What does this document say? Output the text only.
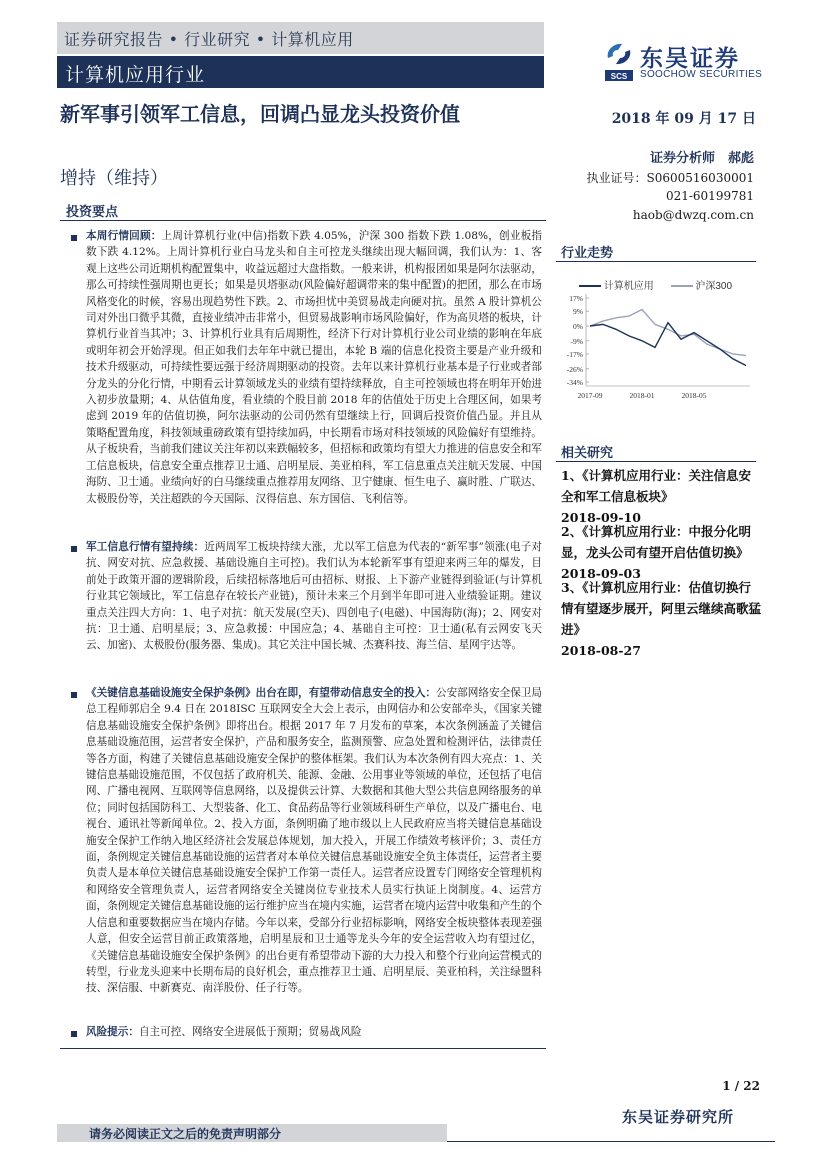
证券研究报告 • 行业研究 • 计算机应用
计算机应用行业	SCS
东吴证券
SOOCHOW SECURITIES
新军事引领军工信息，回调凸显龙头投资价值
增持（维持）
2018 年 09 月 17 日
证券分析师　郝彪
执业证号：S0600516030001
021-60199781
haob@dwzq.com.cn
投资要点
本周行情回顾：上周计算机行业(中信)指数下跌 4.05%，沪深 300 指数下跌 1.08%，创业板指数下跌 4.12%。上周计算机行业白马龙头和自主可控龙头继续出现大幅回调，我们认为：1、客观上这些公司近期机构配置集中，收益远超过大盘指数。一般来讲，机构报团如果是阿尔法驱动，那么可持续性强周期也更长；如果是贝塔驱动(风险偏好超调带来的集中配置)的把团，那么在市场风格变化的时候，容易出现趋势性下跌。2、市场担忧中美贸易战走向硬对抗。虽然 A 股计算机公司对外出口微乎其微，直接业绩冲击非常小，但贸易战影响市场风险偏好，作为高贝塔的板块，计算机行业首当其冲；3、计算机行业具有后周期性，经济下行对计算机行业公司业绩的影响在年底或明年初会开始浮现。但正如我们去年年中就已提出，本轮 B 端的信息化投资主要是产业升级和技术升级驱动，可持续性要远强于经济周期驱动的投资。去年以来计算机行业基本是子行业或者部分龙头的分化行情，中期看云计算领域龙头的业绩有望持续释放，自主可控领域也将在明年开始进入初步放量期；4、从估值角度，看业绩的个股目前 2018 年的估值处于历史上合理区间，如果考虑到 2019 年的估值切换，阿尔法驱动的公司仍然有望继续上行，回调后投资价值凸显。并且从策略配置角度，科技领域重磅政策有望持续加码，中长期看市场对科技领域的风险偏好有望维持。从子板块看，当前我们建议关注年初以来跌幅较多，但招标和政策均有望大力推进的信息安全和军工信息板块，信息安全重点推荐卫士通、启明星辰、美亚柏科，军工信息重点关注航天发展、中国海防、卫士通。业绩向好的白马继续重点推荐用友网络、卫宁健康、恒生电子、赢时胜、广联达、太极股份等，关注超跌的今天国际、汉得信息、东方国信、飞利信等。
军工信息行情有望持续：近两周军工板块持续大涨，尤以军工信息为代表的“新军事”领涨(电子对抗、网安对抗、应急救援、基础设施自主可控)。我们认为本轮新军事有望迎来两三年的爆发，目前处于政策开溜的逻辑阶段，后续招标落地后可由招标、财报、上下游产业链得到验证(与计算机行业其它领域比，军工信息存在较长产业链)，预计未来三个月到半年即可进入业绩验证期。建议重点关注四大方向：1、电子对抗：航天发展(空天)、四创电子(电磁)、中国海防(海)；2、网安对抗：卫士通、启明星辰；3、应急救援：中国应急；4、基础自主可控：卫士通(私有云网安飞天云、加密)、太极股份(服务器、集成)。其它关注中国长城、杰赛科技、海兰信、星网宇达等。
《关键信息基础设施安全保护条例》出台在即，有望带动信息安全的投入：公安部网络安全保卫局总工程师郭启全 9.4 日在 2018ISC 互联网安全大会上表示，由网信办和公安部牵头，《国家关键信息基础设施安全保护条例》即将出台。根据 2017 年 7 月发布的草案，本次条例涵盖了关键信息基础设施范围，运营者安全保护，产品和服务安全，监测预警、应急处置和检测评估，法律责任等各方面，构建了关键信息基础设施安全保护的整体框架。我们认为本次条例有四大亮点：1、关键信息基础设施范围，不仅包括了政府机关、能源、金融、公用事业等领域的单位，还包括了电信网、广播电视网、互联网等信息网络，以及提供云计算、大数据和其他大型公共信息网络服务的单位；同时包括国防科工、大型装备、化工、食品药品等行业领域科研生产单位，以及广播电台、电视台、通讯社等新闻单位。2、投入方面，条例明确了地市级以上人民政府应当将关键信息基础设施安全保护工作纳入地区经济社会发展总体规划，加大投入，开展工作绩效考核评价；3、责任方面，条例规定关键信息基础设施的运营者对本单位关键信息基础设施安全负主体责任，运营者主要负责人是本单位关键信息基础设施安全保护工作第一责任人。运营者应设置专门网络安全管理机构和网络安全管理负责人，运营者网络安全关键岗位专业技术人员实行执证上岗制度。4、运营方面，条例规定关键信息基础设施的运行维护应当在境内实施，运营者在境内运营中收集和产生的个人信息和重要数据应当在境内存储。今年以来，受部分行业招标影响，网络安全板块整体表现差强人意，但安全运营目前正政策落地，启明星辰和卫士通等龙头今年的安全运营收入均有望过亿，《关键信息基础设施安全保护条例》的出台更有希望带动下游的大力投入和整个行业向运营模式的转型，行业龙头迎来中长期布局的良好机会，重点推荐卫士通、启明星辰、美亚柏科，关注绿盟科技、深信服、中新赛克、南洋股份、任子行等。
风险提示：自主可控、网络安全进展低于预期；贸易战风险
行业走势
计算机应用	沪深300
17%
9%
0%
-9%
-17%
-26%
-34%
2017-09	2018-01	2018-05
相关研究
1、《计算机应用行业：关注信息安全和军工信息板块》
2018-09-10
2、《计算机应用行业：中报分化明显，龙头公司有望开启估值切换》
2018-09-03
3、《计算机应用行业：估值切换行情有望逐步展开，阿里云继续高歌猛进》
2018-08-27
1 / 22
东吴证券研究所
请务必阅读正文之后的免责声明部分
